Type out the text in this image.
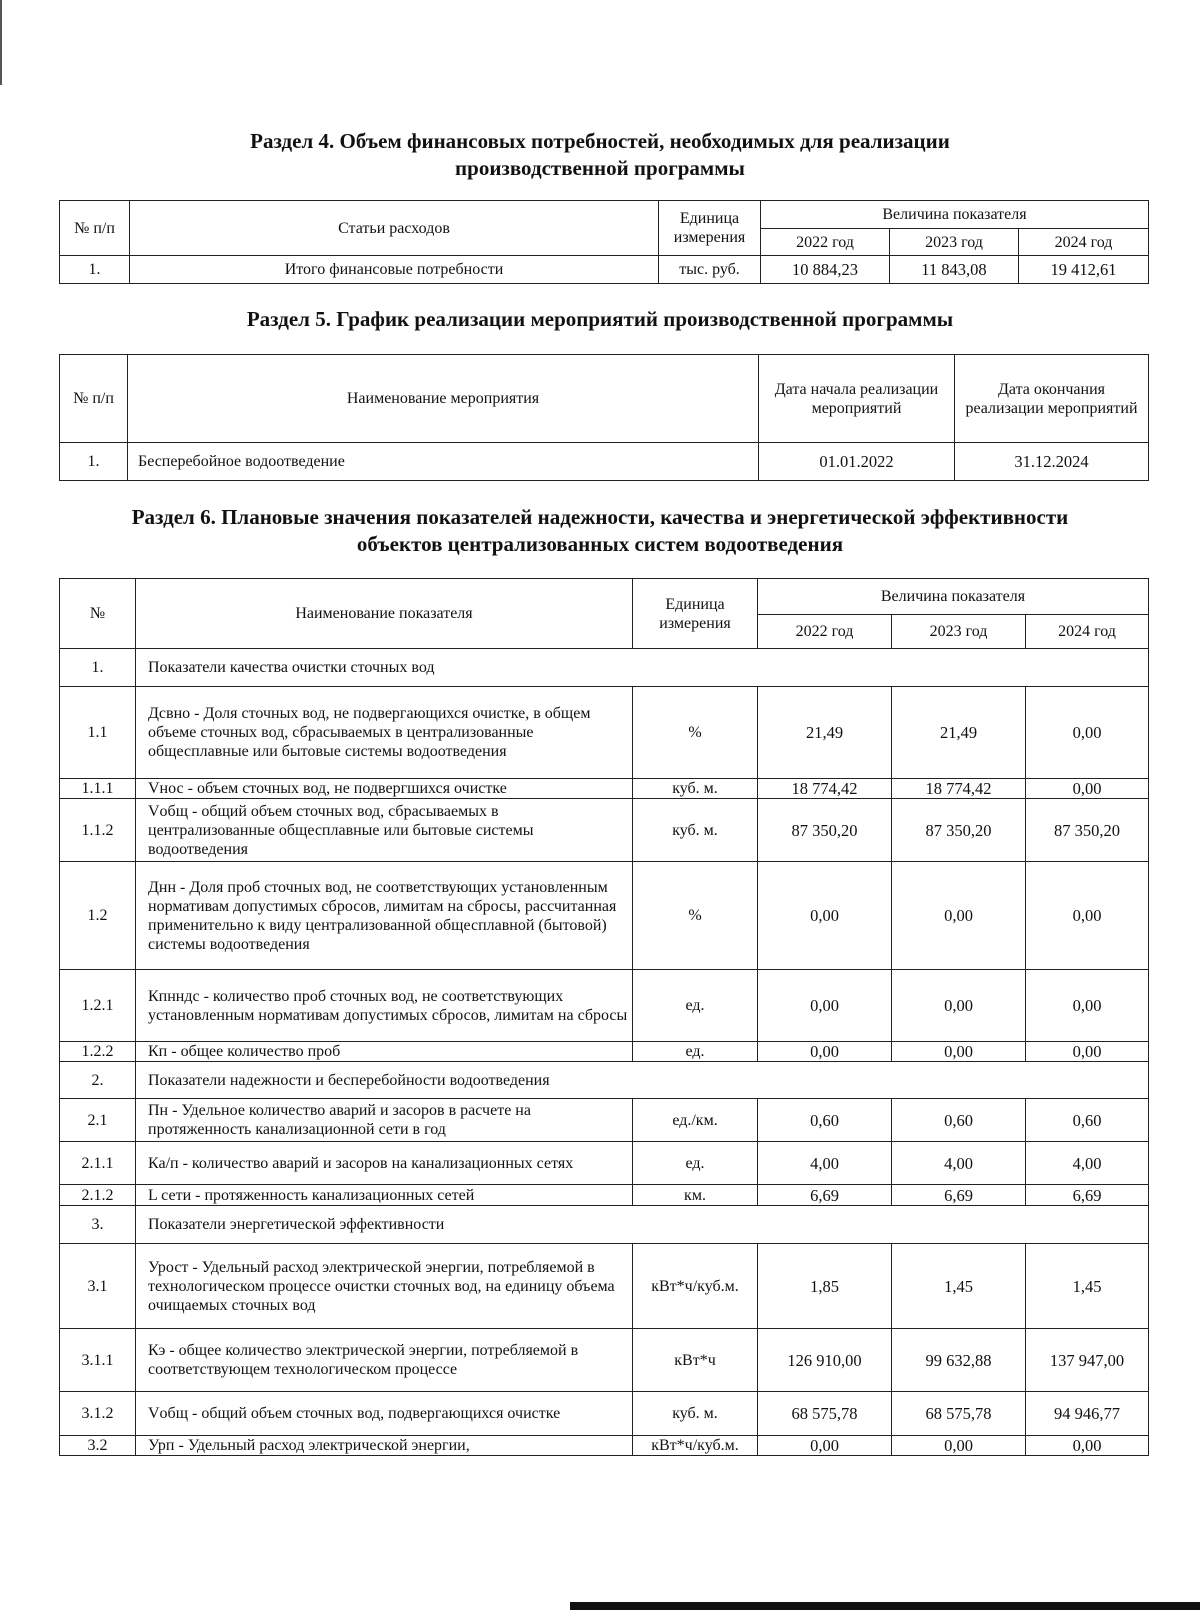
Раздел 4. Объем финансовых потребностей, необходимых для реализации
производственной программы
№ п/п	Статьи расходов	Единица измерения	Величина показателя		
			2022 год	2023 год	2024 год
1.	Итого финансовые потребности	тыс. руб.	10 884,23	11 843,08	19 412,61
Раздел 5. График реализации мероприятий производственной программы
№ п/п	Наименование мероприятия	Дата начала реализации мероприятий	Дата окончания реализации мероприятий
1.	Бесперебойное водоотведение	01.01.2022	31.12.2024
Раздел 6. Плановые значения показателей надежности, качества и энергетической эффективности
объектов централизованных систем водоотведения
№	Наименование показателя	Единица измерения	Величина показателя		
			2022 год	2023 год	2024 год
1.	Показатели качества очистки сточных вод				
1.1	Дсвно - Доля сточных вод, не подвергающихся очистке, в общем объеме сточных вод, сбрасываемых в централизованные общесплавные или бытовые системы водоотведения	%	21,49	21,49	0,00
1.1.1	Vнос - объем сточных вод, не подвергшихся очистке	куб. м.	18 774,42	18 774,42	0,00
1.1.2	Vобщ - общий объем сточных вод, сбрасываемых в централизованные общесплавные или бытовые системы водоотведения	куб. м.	87 350,20	87 350,20	87 350,20
1.2	Днн - Доля проб сточных вод, не соответствующих установленным нормативам допустимых сбросов, лимитам на сбросы, рассчитанная применительно к виду централизованной общесплавной (бытовой) системы водоотведения	%	0,00	0,00	0,00
1.2.1	Кпнндс - количество проб сточных вод, не соответствующих установленным нормативам допустимых сбросов, лимитам на сбросы	ед.	0,00	0,00	0,00
1.2.2	Кп - общее количество проб	ед.	0,00	0,00	0,00
2.	Показатели надежности и бесперебойности водоотведения				
2.1	Пн - Удельное количество аварий и засоров в расчете на протяженность канализационной сети в год	ед./км.	0,60	0,60	0,60
2.1.1	Ка/п - количество аварий и засоров на канализационных сетях	ед.	4,00	4,00	4,00
2.1.2	L сети - протяженность канализационных сетей	км.	6,69	6,69	6,69
3.	Показатели энергетической эффективности				
3.1	Урост - Удельный расход электрической энергии, потребляемой в технологическом процессе очистки сточных вод, на единицу объема очищаемых сточных вод	кВт*ч/куб.м.	1,85	1,45	1,45
3.1.1	Кэ - общее количество электрической энергии, потребляемой в соответствующем технологическом процессе	кВт*ч	126 910,00	99 632,88	137 947,00
3.1.2	Vобщ - общий объем сточных вод, подвергающихся очистке	куб. м.	68 575,78	68 575,78	94 946,77
3.2	Урп - Удельный расход электрической энергии,	кВт*ч/куб.м.	0,00	0,00	0,00
